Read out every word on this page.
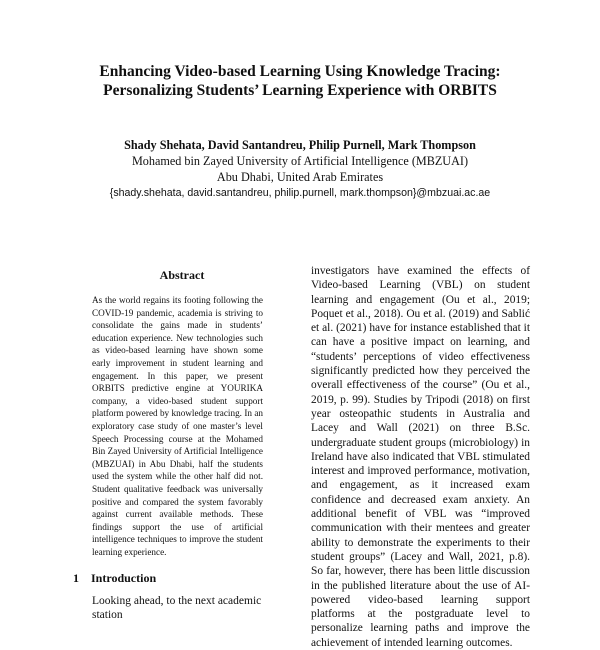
Enhancing Video-based Learning Using Knowledge Tracing:
Personalizing Students’ Learning Experience with ORBITS
Shady Shehata, David Santandreu, Philip Purnell, Mark Thompson
Mohamed bin Zayed University of Artificial Intelligence (MBZUAI)
Abu Dhabi, United Arab Emirates
{shady.shehata, david.santandreu, philip.purnell, mark.thompson}@mbzuai.ac.ae
Abstract

As the world regains its footing following the COVID-19 pandemic, academia is striving to consolidate the gains made in students’ education experience. New technologies such as video-based learning have shown some early improvement in student learning and engagement. In this paper, we present ORBITS predictive engine at YOURIKA company, a video-based student support platform powered by knowledge tracing. In an exploratory case study of one master’s level Speech Processing course at the Mohamed Bin Zayed University of Artificial Intelligence (MBZUAI) in Abu Dhabi, half the students used the system while the other half did not. Student qualitative feedback was universally positive and compared the system favorably against current available methods. These findings support the use of artificial intelligence techniques to improve the student learning experience.

1 Introduction
Looking ahead, to the next academic station

investigators have examined the effects of Video-based Learning (VBL) on student learning and engagement (Ou et al., 2019; Poquet et al., 2018). Ou et al. (2019) and Sablić et al. (2021) have for instance established that it can have a positive impact on learning, and “students’ perceptions of video effectiveness significantly predicted how they perceived the overall effectiveness of the course” (Ou et al., 2019, p. 99). Studies by Tripodi (2018) on first year osteopathic students in Australia and Lacey and Wall (2021) on three B.Sc. undergraduate student groups (microbiology) in Ireland have also indicated that VBL stimulated interest and improved performance, motivation, and engagement, as it increased exam confidence and decreased exam anxiety. An additional benefit of VBL was “improved communication with their mentees and greater ability to demonstrate the experiments to their student groups” (Lacey and Wall, 2021, p.8). So far, however, there has been little discussion in the published literature about the use of AI-powered video-based learning support platforms at the postgraduate level to personalize learning paths and improve the achievement of intended learning outcomes.
